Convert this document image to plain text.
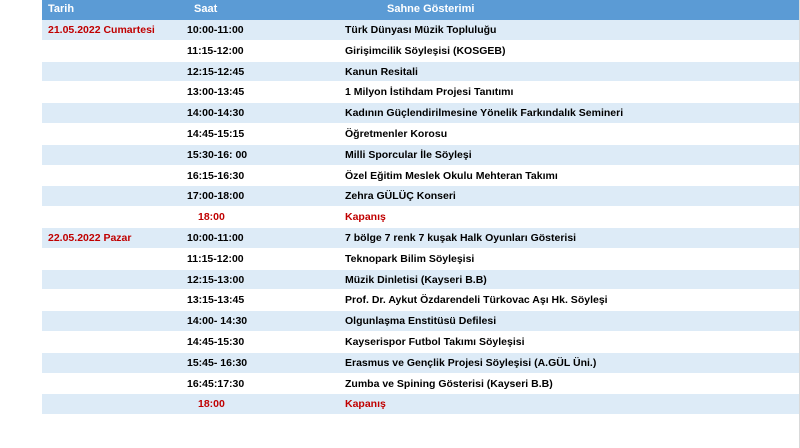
Tarih	Saat	Sahne Gösterimi
21.05.2022 Cumartesi	10:00-11:00	Türk Dünyası Müzik Topluluğu
11:15-12:00	Girişimcilik Söyleşisi (KOSGEB)
12:15-12:45	Kanun Resitali
13:00-13:45	1 Milyon İstihdam Projesi Tanıtımı
14:00-14:30	Kadının Güçlendirilmesine Yönelik Farkındalık Semineri
14:45-15:15	Öğretmenler Korosu
15:30-16: 00	Milli Sporcular İle Söyleşi
16:15-16:30	Özel Eğitim Meslek Okulu Mehteran Takımı
17:00-18:00	Zehra GÜLÜÇ Konseri
18:00	Kapanış
22.05.2022 Pazar	10:00-11:00	7 bölge 7 renk 7 kuşak Halk Oyunları Gösterisi
11:15-12:00	Teknopark Bilim Söyleşisi
12:15-13:00	Müzik Dinletisi (Kayseri B.B)
13:15-13:45	Prof. Dr. Aykut Özdarendeli Türkovac Aşı Hk. Söyleşi
14:00- 14:30	Olgunlaşma Enstitüsü Defilesi
14:45-15:30	Kayserispor Futbol Takımı Söyleşisi
15:45- 16:30	Erasmus ve Gençlik Projesi Söyleşisi (A.GÜL Üni.)
16:45:17:30	Zumba ve Spining Gösterisi (Kayseri B.B)
18:00	Kapanış
